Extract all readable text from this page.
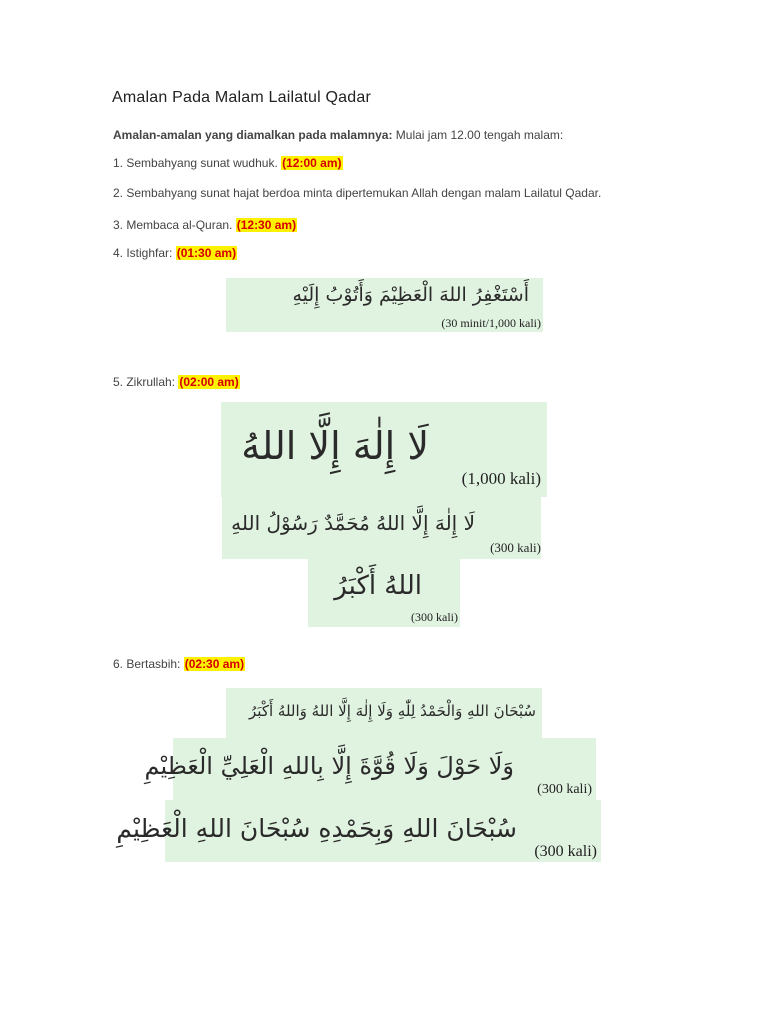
Amalan Pada Malam Lailatul Qadar
Amalan-amalan yang diamalkan pada malamnya: Mulai jam 12.00 tengah malam:
1. Sembahyang sunat wudhuk. (12:00 am)
2. Sembahyang sunat hajat berdoa minta dipertemukan Allah dengan malam Lailatul Qadar.
3. Membaca al-Quran. (12:30 am)
4. Istighfar: (01:30 am)
أَسْتَغْفِرُ اللهَ الْعَظِيْمَ وَأَتُوْبُ إِلَيْهِ
(30 minit/1,000 kali)
5. Zikrullah: (02:00 am)
لَا إِلٰهَ إِلَّا اللهُ
(1,000 kali)
لَا إِلٰهَ إِلَّا اللهُ مُحَمَّدٌ رَسُوْلُ اللهِ
(300 kali)
اللهُ أَكْبَرُ
(300 kali)
6. Bertasbih: (02:30 am)
سُبْحَانَ اللهِ وَالْحَمْدُ لِلّٰهِ وَلَا إِلٰهَ إِلَّا اللهُ وَاللهُ أَكْبَرُ
وَلَا حَوْلَ وَلَا قُوَّةَ إِلَّا بِاللهِ الْعَلِيِّ الْعَظِيْمِ
(300 kali)
سُبْحَانَ اللهِ وَبِحَمْدِهِ سُبْحَانَ اللهِ الْعَظِيْمِ
(300 kali)
